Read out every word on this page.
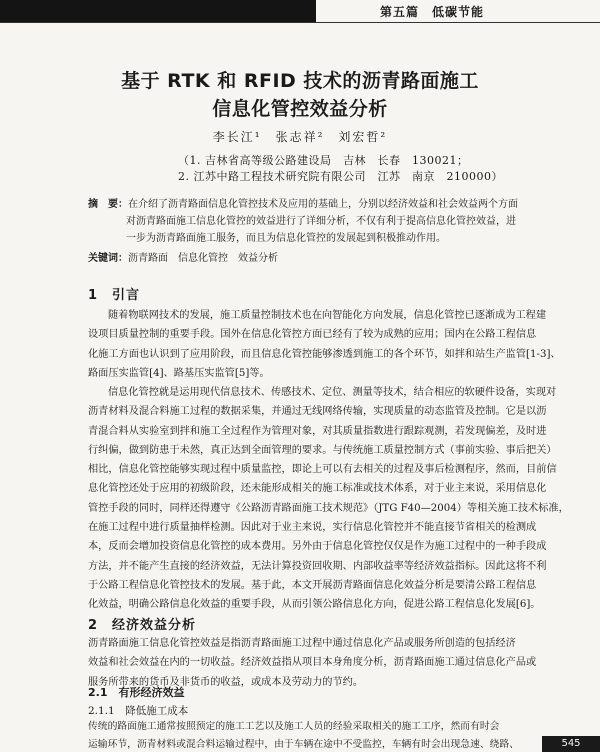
第五篇　低碳节能
基于 RTK 和 RFID 技术的沥青路面施工
信息化管控效益分析
李长江¹　张志祥²　刘宏哲²
（1. 吉林省高等级公路建设局　吉林　长春　130021；
2. 江苏中路工程技术研究院有限公司　江苏　南京　210000）
摘　要：在介绍了沥青路面信息化管控技术及应用的基础上，分别以经济效益和社会效益两个方面
对沥青路面施工信息化管控的效益进行了详细分析，不仅有利于提高信息化管控效益，进
一步为沥青路面施工服务，而且为信息化管控的发展起到积极推动作用。
关键词：沥青路面　信息化管控　效益分析
1　引言
随着物联网技术的发展，施工质量控制技术也在向智能化方向发展，信息化管控已逐渐成为工程建
设项目质量控制的重要手段。国外在信息化管控方面已经有了较为成熟的应用；国内在公路工程信息
化施工方面也认识到了应用阶段，而且信息化管控能够渗透到施工的各个环节，如拌和站生产监管[1-3]、
路面压实监管[4]、路基压实监管[5]等。
信息化管控就是运用现代信息技术、传感技术、定位、测量等技术，结合相应的软硬件设备，实现对
沥青材料及混合料施工过程的数据采集，并通过无线网络传输，实现质量的动态监管及控制。它是以沥
青混合料从实验室到拌和施工全过程作为管理对象，对其质量指数进行跟踪观测，若发现偏差，及时进
行纠偏，做到防患于未然，真正达到全面管理的要求。与传统施工质量控制方式（事前实验、事后把关）
相比，信息化管控能够实现过程中质量监控，即论上可以有去相关的过程及事后检测程序，然而，目前信
息化管控还处于应用的初级阶段，还未能形成相关的施工标准或技术体系，对于业主来说，采用信息化
管控手段的同时，同样还得遵守《公路沥青路面施工技术规范》（JTG F40—2004）等相关施工技术标准，
在施工过程中进行质量抽样检测。因此对于业主来说，实行信息化管控并不能直接节省相关的检测成
本，反而会增加投资信息化管控的成本费用。另外由于信息化管控仅仅是作为施工过程中的一种手段成
方法，并不能产生直接的经济效益，无法计算投资回收期、内部收益率等经济效益指标。因此这将不利
于公路工程信息化管控技术的发展。基于此，本文开展沥青路面信息化效益分析是要清公路工程信息
化效益，明确公路信息化效益的重要手段，从而引领公路信息化方向，促进公路工程信息化发展[6]。
2　经济效益分析
沥青路面施工信息化管控效益是指沥青路面施工过程中通过信息化产品或服务所创造的包括经济
效益和社会效益在内的一切收益。经济效益指从项目本身角度分析，沥青路面施工通过信息化产品或
服务所带来的货币及非货币的收益，或成本及劳动力的节约。
2.1　有形经济效益
2.1.1　降低施工成本
传统的路面施工通常按照预定的施工工艺以及施工人员的经验采取相关的施工工序，然而有时会
运输环节，沥青材料或混合料运输过程中，由于车辆在途中不受监控，车辆有时会出现急速、绕路、	545
